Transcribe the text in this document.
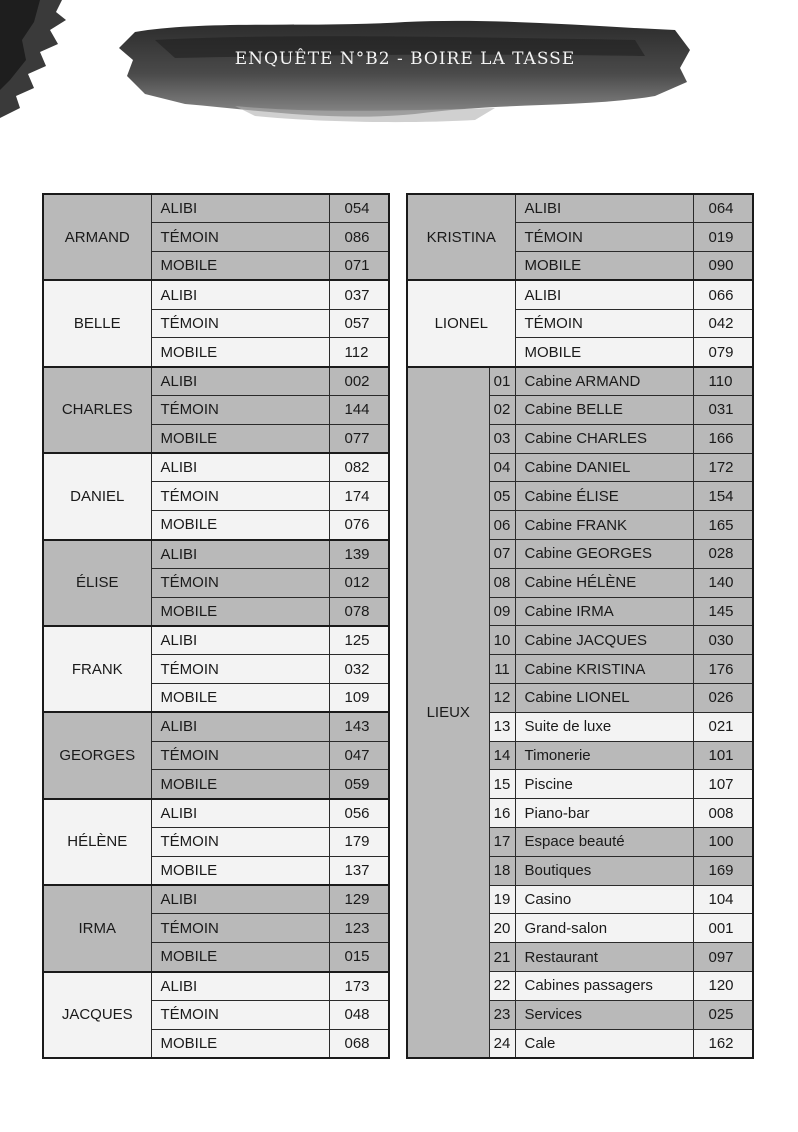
ENQUÊTE N°B2 - BOIRE LA TASSE
ARMAND	ALIBI	054
	TÉMOIN	086
	MOBILE	071
BELLE	ALIBI	037
	TÉMOIN	057
	MOBILE	112
CHARLES	ALIBI	002
	TÉMOIN	144
	MOBILE	077
DANIEL	ALIBI	082
	TÉMOIN	174
	MOBILE	076
ÉLISE	ALIBI	139
	TÉMOIN	012
	MOBILE	078
FRANK	ALIBI	125
	TÉMOIN	032
	MOBILE	109
GEORGES	ALIBI	143
	TÉMOIN	047
	MOBILE	059
HÉLÈNE	ALIBI	056
	TÉMOIN	179
	MOBILE	137
IRMA	ALIBI	129
	TÉMOIN	123
	MOBILE	015
JACQUES	ALIBI	173
	TÉMOIN	048
	MOBILE	068
KRISTINA		ALIBI	064
		TÉMOIN	019
		MOBILE	090
LIONEL		ALIBI	066
		TÉMOIN	042
		MOBILE	079
LIEUX	01	Cabine ARMAND	110
	02	Cabine BELLE	031
	03	Cabine CHARLES	166
	04	Cabine DANIEL	172
	05	Cabine ÉLISE	154
	06	Cabine FRANK	165
	07	Cabine GEORGES	028
	08	Cabine HÉLÈNE	140
	09	Cabine IRMA	145
	10	Cabine JACQUES	030
	11	Cabine KRISTINA	176
	12	Cabine LIONEL	026
	13	Suite de luxe	021
	14	Timonerie	101
	15	Piscine	107
	16	Piano-bar	008
	17	Espace beauté	100
	18	Boutiques	169
	19	Casino	104
	20	Grand-salon	001
	21	Restaurant	097
	22	Cabines passagers	120
	23	Services	025
	24	Cale	162
